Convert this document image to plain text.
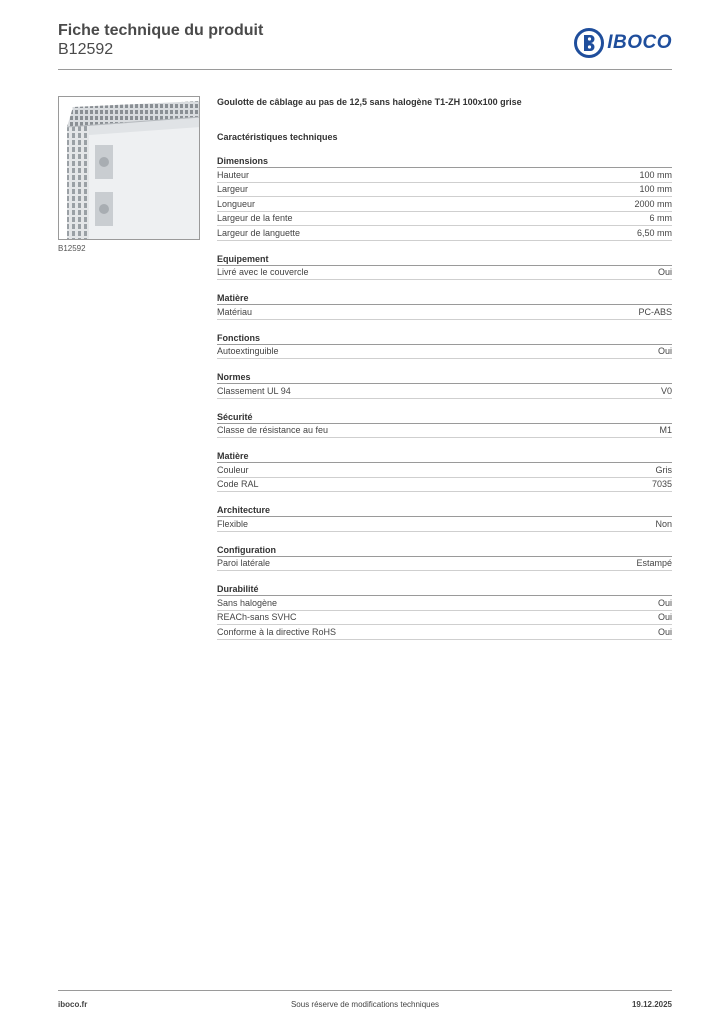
Fiche technique du produit
B12592	IBOCO
B12592
Goulotte de câblage au pas de 12,5 sans halogène T1-ZH 100x100 grise
Caractéristiques techniques
Dimensions
Hauteur	100 mm
Largeur	100 mm
Longueur	2000 mm
Largeur de la fente	6 mm
Largeur de languette	6,50 mm
Equipement
Livré avec le couvercle	Oui
Matière
Matériau	PC-ABS
Fonctions
Autoextinguible	Oui
Normes
Classement UL 94	V0
Sécurité
Classe de résistance au feu	M1
Matière
Couleur	Gris
Code RAL	7035
Architecture
Flexible	Non
Configuration
Paroi latérale	Estampé
Durabilité
Sans halogène	Oui
REACh-sans SVHC	Oui
Conforme à la directive RoHS	Oui
iboco.fr	Sous réserve de modifications techniques	19.12.2025
